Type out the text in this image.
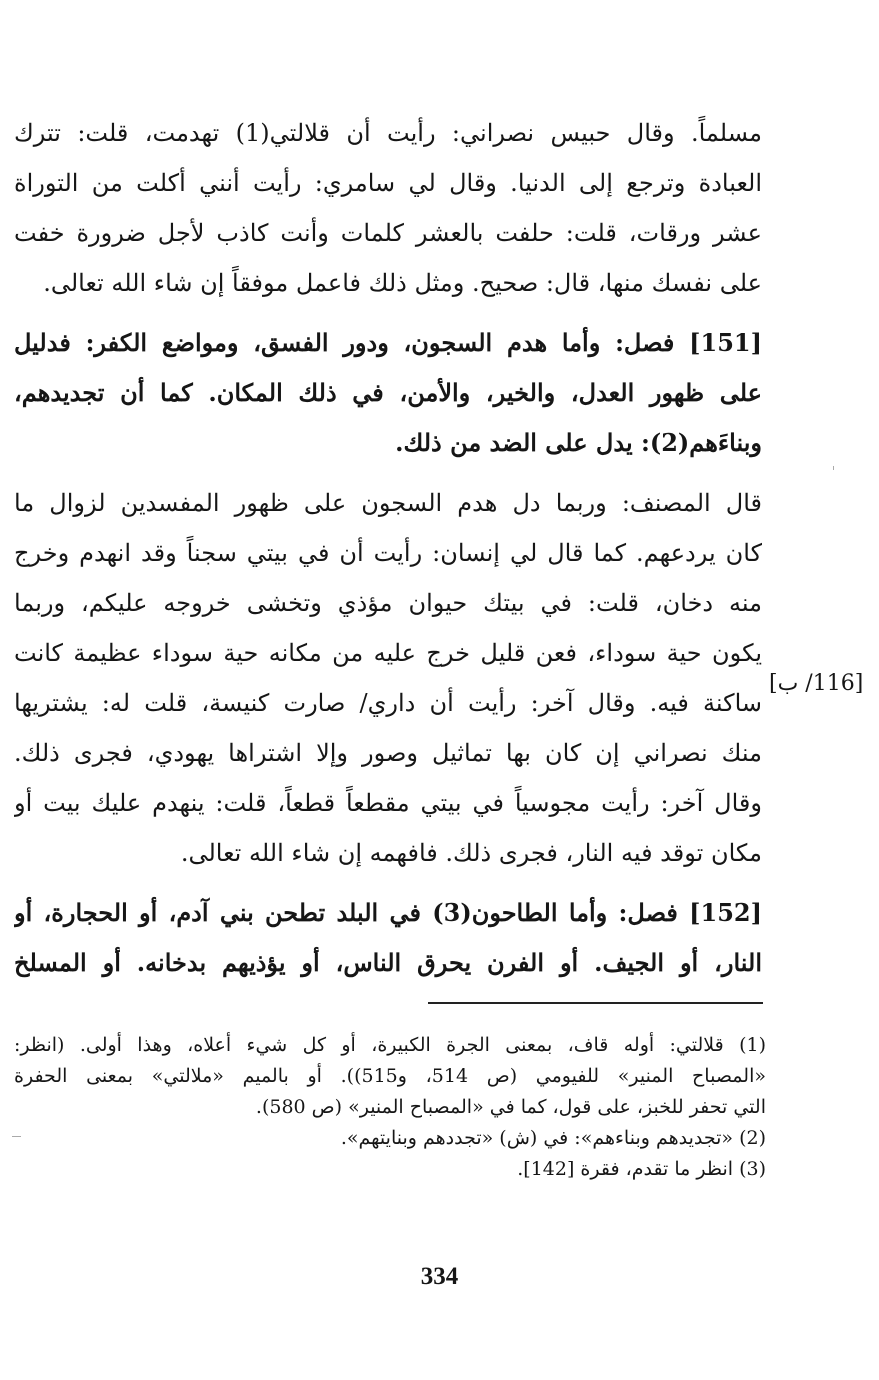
مسلماً. وقال حبيس نصراني: رأيت أن قلالتي(1) تهدمت، قلت: تترك
العبادة وترجع إلى الدنيا. وقال لي سامري: رأيت أنني أكلت من التوراة
عشر ورقات، قلت: حلفت بالعشر كلمات وأنت كاذب لأجل ضرورة خفت
على نفسك منها، قال: صحيح. ومثل ذلك فاعمل موفقاً إن شاء الله تعالى.

[151] فصل: وأما هدم السجون، ودور الفسق، ومواضع الكفر: فدليل
على ظهور العدل، والخير، والأمن، في ذلك المكان. كما أن تجديدهم،
وبناءَهم(2): يدل على الضد من ذلك.

قال المصنف: وربما دل هدم السجون على ظهور المفسدين لزوال ما
كان يردعهم. كما قال لي إنسان: رأيت أن في بيتي سجناً وقد انهدم وخرج
منه دخان، قلت: في بيتك حيوان مؤذي وتخشى خروجه عليكم، وربما
يكون حية سوداء، فعن قليل خرج عليه من مكانه حية سوداء عظيمة كانت
ساكنة فيه. وقال آخر: رأيت أن داري/ صارت كنيسة، قلت له: يشتريها
منك نصراني إن كان بها تماثيل وصور وإلا اشتراها يهودي، فجرى ذلك.
وقال آخر: رأيت مجوسياً في بيتي مقطعاً قطعاً، قلت: ينهدم عليك بيت أو
مكان توقد فيه النار، فجرى ذلك. فافهمه إن شاء الله تعالى.

[152] فصل: وأما الطاحون(3) في البلد تطحن بني آدم، أو الحجارة، أو
النار، أو الجيف. أو الفرن يحرق الناس، أو يؤذيهم بدخانه. أو المسلخ

[116/ ب]

(1) قلالتي: أوله قاف، بمعنى الجرة الكبيرة، أو كل شيء أعلاه، وهذا أولى. (انظر:
«المصباح المنير» للفيومي (ص 514، و515)). أو بالميم «ملالتي» بمعنى الحفرة
التي تحفر للخبز، على قول، كما في «المصباح المنير» (ص 580).

(2) «تجديدهم وبناءهم»: في (ش) «تجددهم وبنايتهم».

(3) انظر ما تقدم، فقرة [142].

334
